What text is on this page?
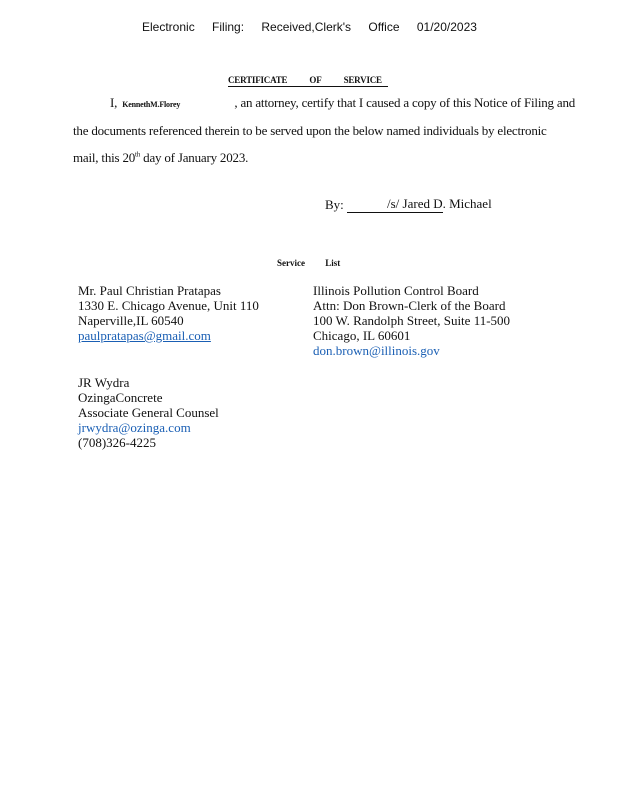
Electronic Filing: Received,Clerk's Office 01/20/2023
CERTIFICATE OF SERVICE
I, KennethM.Florey	, an attorney, certify that I caused a copy of this Notice of Filing and
the documents referenced therein to be served upon the below named individuals by electronic
mail, this 20th day of January 2023.
By:	/s/ Jared D. Michael
Service List
Mr. Paul Christian Pratapas
1330 E. Chicago Avenue, Unit 110
Naperville,IL 60540
paulpratapas@gmail.com
Illinois Pollution Control Board
Attn: Don Brown-Clerk of the Board
100 W. Randolph Street, Suite 11-500
Chicago, IL 60601
don.brown@illinois.gov
JR Wydra
OzingaConcrete
Associate General Counsel
jrwydra@ozinga.com
(708)326-4225
